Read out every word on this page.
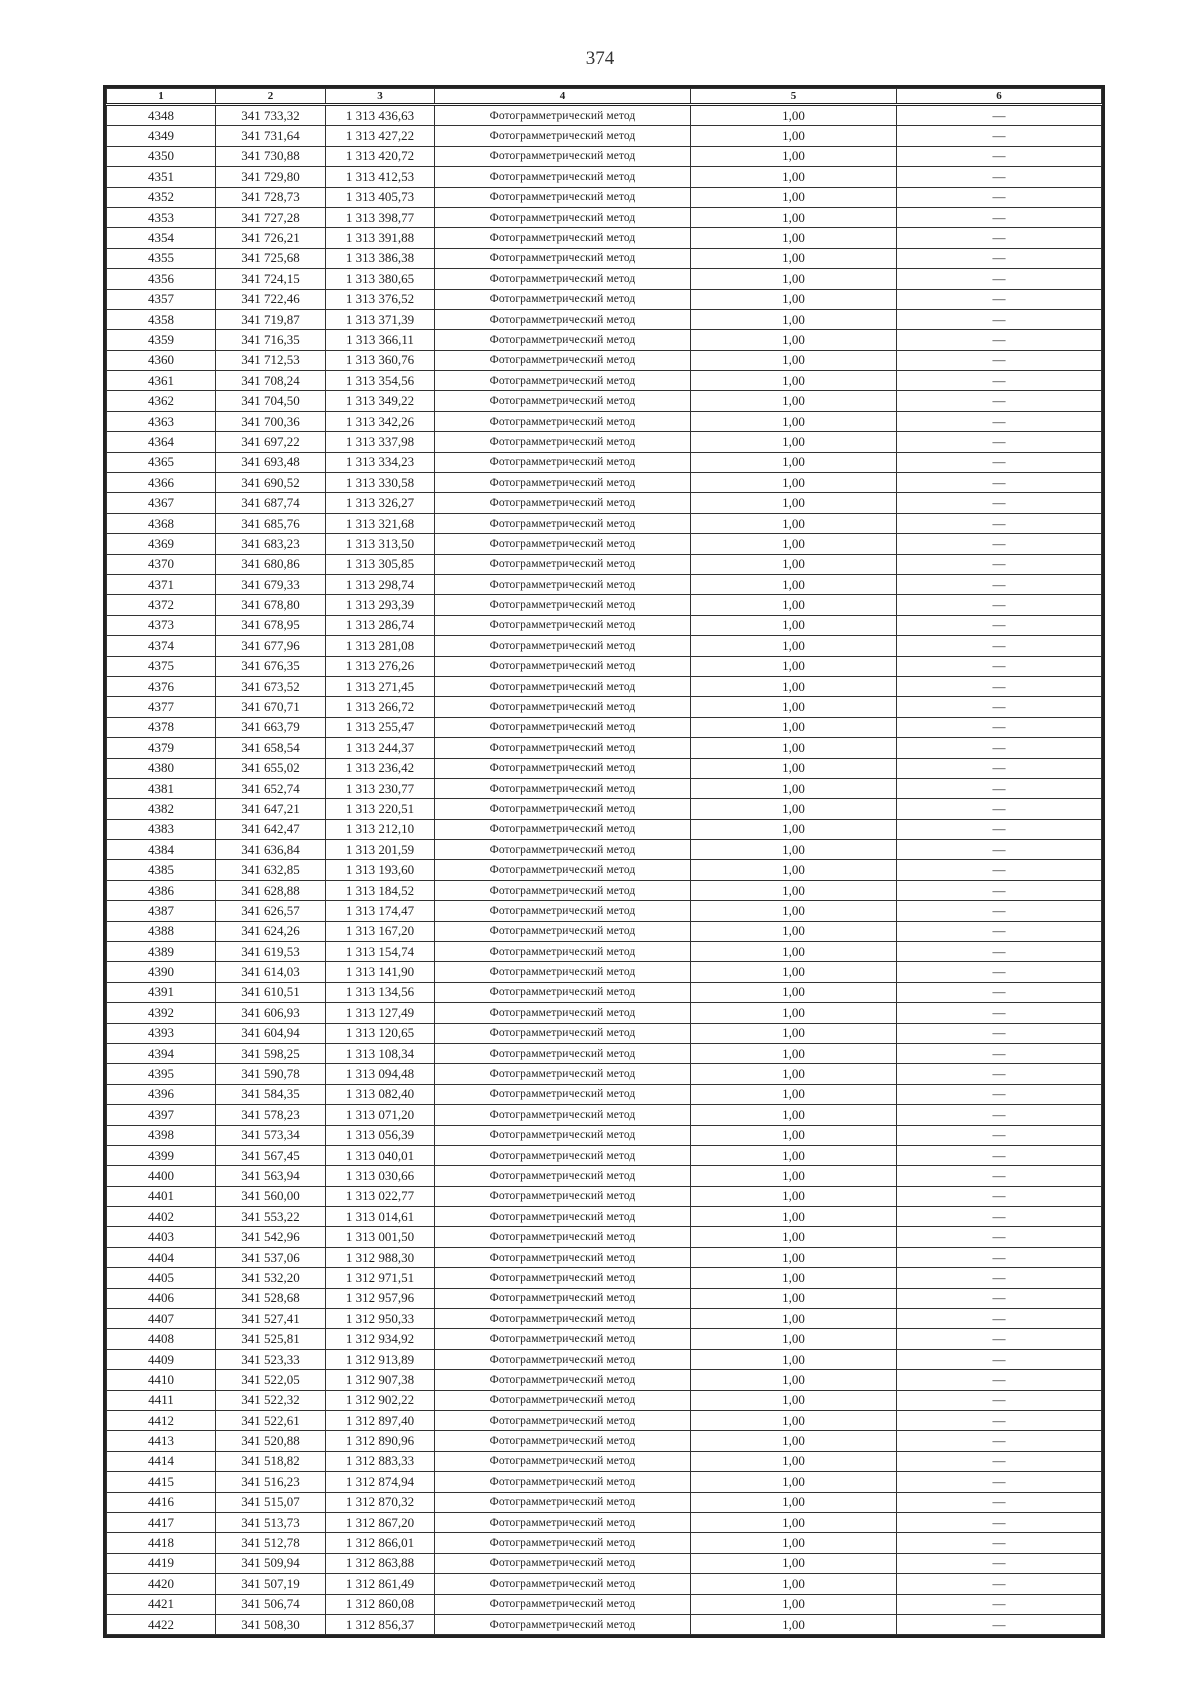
374
1	2	3	4	5	6
4348	341 733,32	1 313 436,63	Фотограмметрический метод	1,00	—
4349	341 731,64	1 313 427,22	Фотограмметрический метод	1,00	—
4350	341 730,88	1 313 420,72	Фотограмметрический метод	1,00	—
4351	341 729,80	1 313 412,53	Фотограмметрический метод	1,00	—
4352	341 728,73	1 313 405,73	Фотограмметрический метод	1,00	—
4353	341 727,28	1 313 398,77	Фотограмметрический метод	1,00	—
4354	341 726,21	1 313 391,88	Фотограмметрический метод	1,00	—
4355	341 725,68	1 313 386,38	Фотограмметрический метод	1,00	—
4356	341 724,15	1 313 380,65	Фотограмметрический метод	1,00	—
4357	341 722,46	1 313 376,52	Фотограмметрический метод	1,00	—
4358	341 719,87	1 313 371,39	Фотограмметрический метод	1,00	—
4359	341 716,35	1 313 366,11	Фотограмметрический метод	1,00	—
4360	341 712,53	1 313 360,76	Фотограмметрический метод	1,00	—
4361	341 708,24	1 313 354,56	Фотограмметрический метод	1,00	—
4362	341 704,50	1 313 349,22	Фотограмметрический метод	1,00	—
4363	341 700,36	1 313 342,26	Фотограмметрический метод	1,00	—
4364	341 697,22	1 313 337,98	Фотограмметрический метод	1,00	—
4365	341 693,48	1 313 334,23	Фотограмметрический метод	1,00	—
4366	341 690,52	1 313 330,58	Фотограмметрический метод	1,00	—
4367	341 687,74	1 313 326,27	Фотограмметрический метод	1,00	—
4368	341 685,76	1 313 321,68	Фотограмметрический метод	1,00	—
4369	341 683,23	1 313 313,50	Фотограмметрический метод	1,00	—
4370	341 680,86	1 313 305,85	Фотограмметрический метод	1,00	—
4371	341 679,33	1 313 298,74	Фотограмметрический метод	1,00	—
4372	341 678,80	1 313 293,39	Фотограмметрический метод	1,00	—
4373	341 678,95	1 313 286,74	Фотограмметрический метод	1,00	—
4374	341 677,96	1 313 281,08	Фотограмметрический метод	1,00	—
4375	341 676,35	1 313 276,26	Фотограмметрический метод	1,00	—
4376	341 673,52	1 313 271,45	Фотограмметрический метод	1,00	—
4377	341 670,71	1 313 266,72	Фотограмметрический метод	1,00	—
4378	341 663,79	1 313 255,47	Фотограмметрический метод	1,00	—
4379	341 658,54	1 313 244,37	Фотограмметрический метод	1,00	—
4380	341 655,02	1 313 236,42	Фотограмметрический метод	1,00	—
4381	341 652,74	1 313 230,77	Фотограмметрический метод	1,00	—
4382	341 647,21	1 313 220,51	Фотограмметрический метод	1,00	—
4383	341 642,47	1 313 212,10	Фотограмметрический метод	1,00	—
4384	341 636,84	1 313 201,59	Фотограмметрический метод	1,00	—
4385	341 632,85	1 313 193,60	Фотограмметрический метод	1,00	—
4386	341 628,88	1 313 184,52	Фотограмметрический метод	1,00	—
4387	341 626,57	1 313 174,47	Фотограмметрический метод	1,00	—
4388	341 624,26	1 313 167,20	Фотограмметрический метод	1,00	—
4389	341 619,53	1 313 154,74	Фотограмметрический метод	1,00	—
4390	341 614,03	1 313 141,90	Фотограмметрический метод	1,00	—
4391	341 610,51	1 313 134,56	Фотограмметрический метод	1,00	—
4392	341 606,93	1 313 127,49	Фотограмметрический метод	1,00	—
4393	341 604,94	1 313 120,65	Фотограмметрический метод	1,00	—
4394	341 598,25	1 313 108,34	Фотограмметрический метод	1,00	—
4395	341 590,78	1 313 094,48	Фотограмметрический метод	1,00	—
4396	341 584,35	1 313 082,40	Фотограмметрический метод	1,00	—
4397	341 578,23	1 313 071,20	Фотограмметрический метод	1,00	—
4398	341 573,34	1 313 056,39	Фотограмметрический метод	1,00	—
4399	341 567,45	1 313 040,01	Фотограмметрический метод	1,00	—
4400	341 563,94	1 313 030,66	Фотограмметрический метод	1,00	—
4401	341 560,00	1 313 022,77	Фотограмметрический метод	1,00	—
4402	341 553,22	1 313 014,61	Фотограмметрический метод	1,00	—
4403	341 542,96	1 313 001,50	Фотограмметрический метод	1,00	—
4404	341 537,06	1 312 988,30	Фотограмметрический метод	1,00	—
4405	341 532,20	1 312 971,51	Фотограмметрический метод	1,00	—
4406	341 528,68	1 312 957,96	Фотограмметрический метод	1,00	—
4407	341 527,41	1 312 950,33	Фотограмметрический метод	1,00	—
4408	341 525,81	1 312 934,92	Фотограмметрический метод	1,00	—
4409	341 523,33	1 312 913,89	Фотограмметрический метод	1,00	—
4410	341 522,05	1 312 907,38	Фотограмметрический метод	1,00	—
4411	341 522,32	1 312 902,22	Фотограмметрический метод	1,00	—
4412	341 522,61	1 312 897,40	Фотограмметрический метод	1,00	—
4413	341 520,88	1 312 890,96	Фотограмметрический метод	1,00	—
4414	341 518,82	1 312 883,33	Фотограмметрический метод	1,00	—
4415	341 516,23	1 312 874,94	Фотограмметрический метод	1,00	—
4416	341 515,07	1 312 870,32	Фотограмметрический метод	1,00	—
4417	341 513,73	1 312 867,20	Фотограмметрический метод	1,00	—
4418	341 512,78	1 312 866,01	Фотограмметрический метод	1,00	—
4419	341 509,94	1 312 863,88	Фотограмметрический метод	1,00	—
4420	341 507,19	1 312 861,49	Фотограмметрический метод	1,00	—
4421	341 506,74	1 312 860,08	Фотограмметрический метод	1,00	—
4422	341 508,30	1 312 856,37	Фотограмметрический метод	1,00	—
